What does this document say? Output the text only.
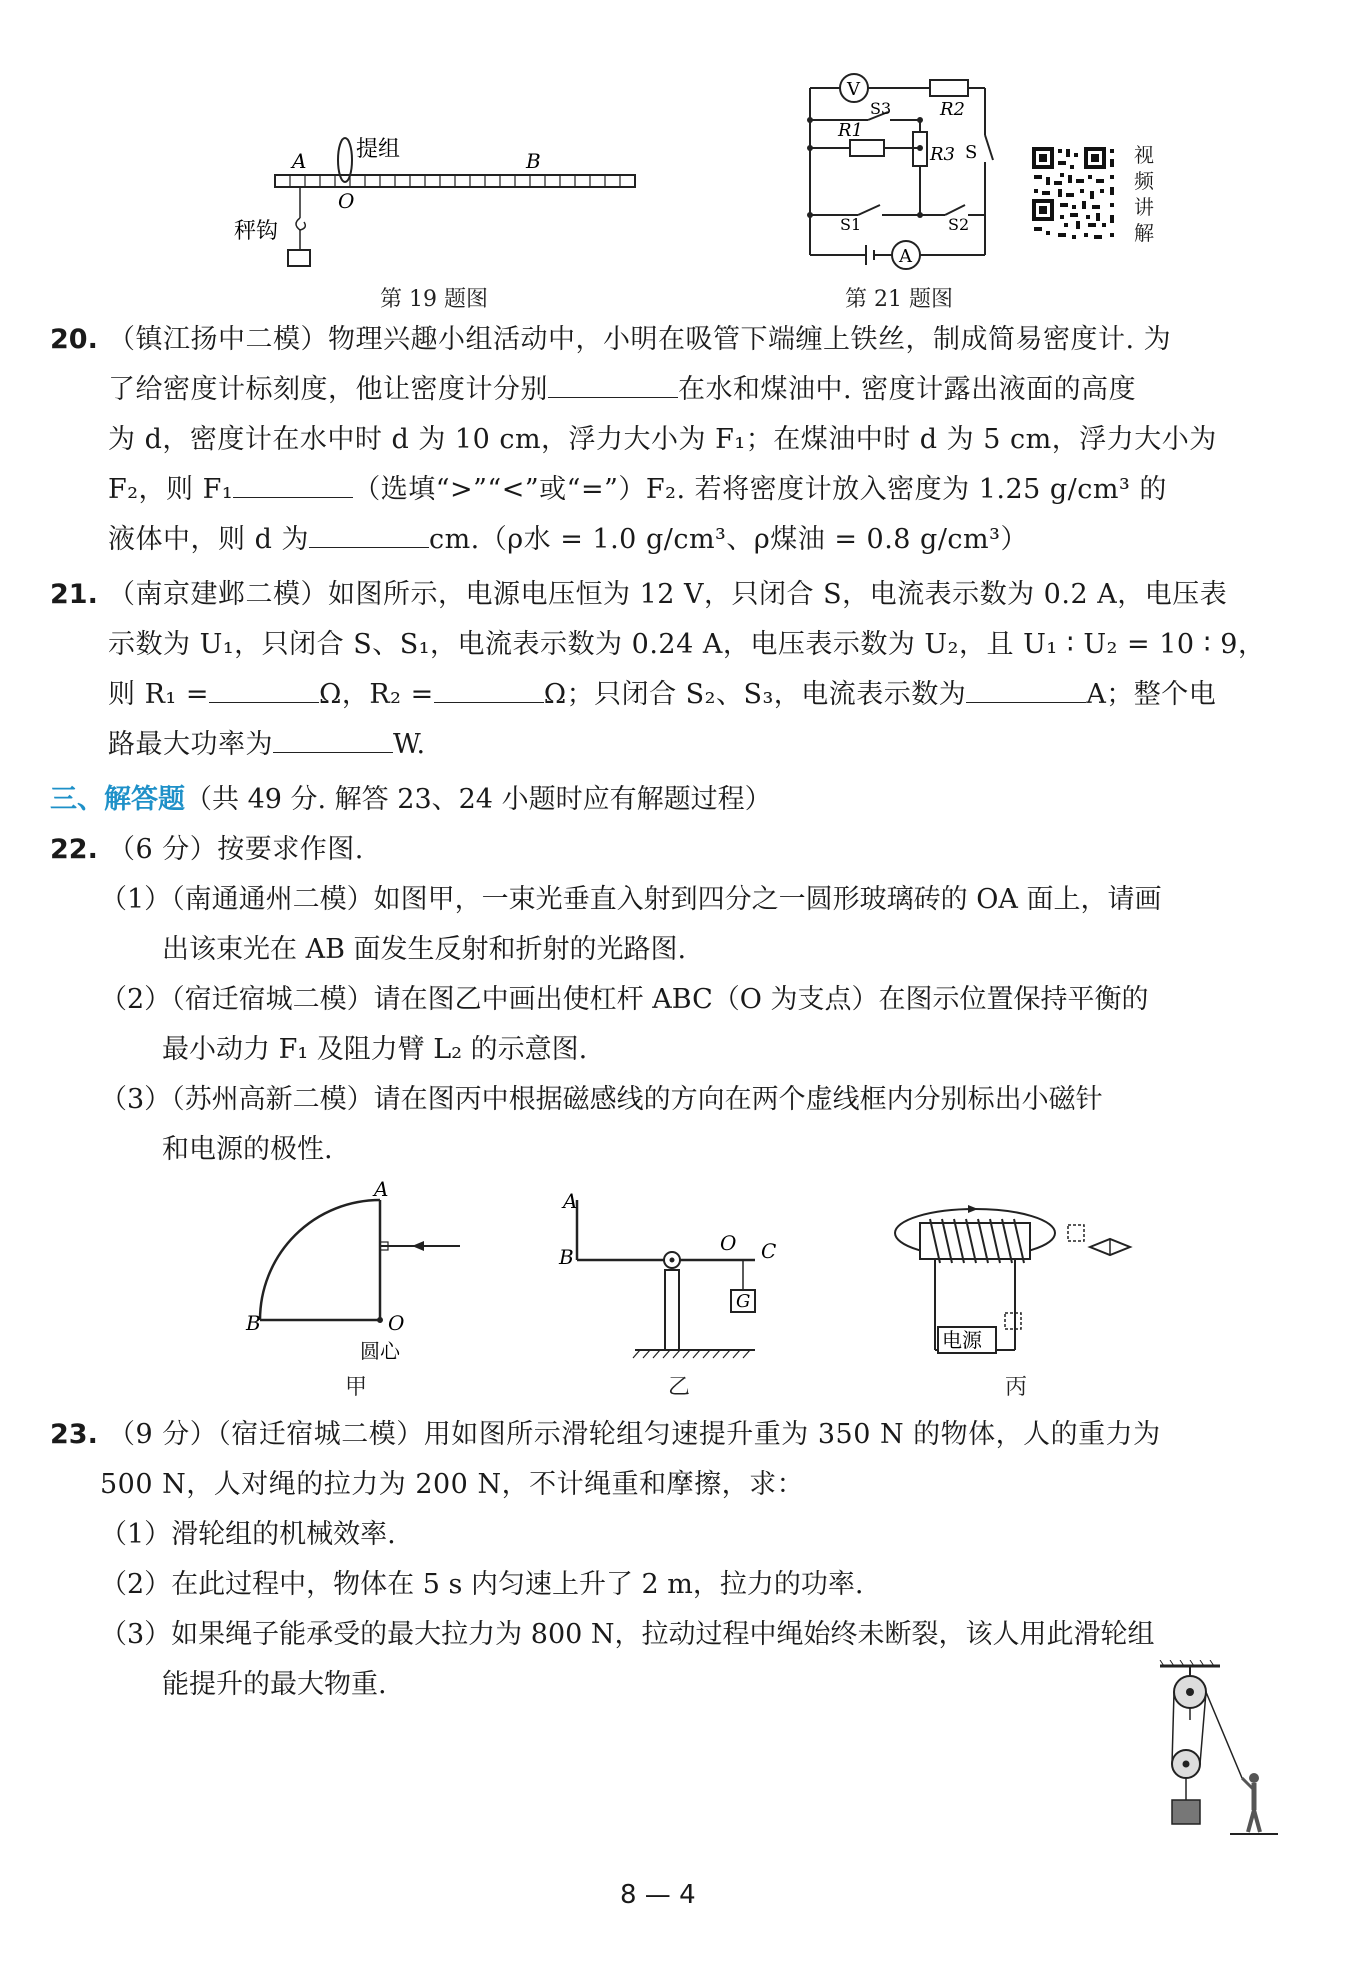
A	B
O
提组
秤钩
第 19 题图
V
A
R2
R3
R1
S3
S
S1	S2
第 21 题图
视
频
讲
解
20. （镇江扬中二模）物理兴趣小组活动中，小明在吸管下端缠上铁丝，制成简易密度计. 为
了给密度计标刻度，他让密度计分别	在水和煤油中. 密度计露出液面的高度
为 d，密度计在水中时 d 为 10 cm，浮力大小为 F₁；在煤油中时 d 为 5 cm，浮力大小为
F₂，则 F₁	（选填“>”“<”或“=”）F₂. 若将密度计放入密度为 1.25 g/cm³ 的
液体中，则 d 为	cm.（ρ水 = 1.0 g/cm³、ρ煤油 = 0.8 g/cm³）
21. （南京建邺二模）如图所示，电源电压恒为 12 V，只闭合 S，电流表示数为 0.2 A，电压表
示数为 U₁，只闭合 S、S₁，电流表示数为 0.24 A，电压表示数为 U₂，且 U₁ ∶ U₂ = 10 ∶ 9，
则 R₁ =	Ω，R₂ =	Ω；只闭合 S₂、S₃，电流表示数为	A；整个电
路最大功率为	W.
三、解答题（共 49 分. 解答 23、24 小题时应有解题过程）
22. （6 分）按要求作图.
（1）（南通通州二模）如图甲，一束光垂直入射到四分之一圆形玻璃砖的 OA 面上，请画
出该束光在 AB 面发生反射和折射的光路图.
（2）（宿迁宿城二模）请在图乙中画出使杠杆 ABC（O 为支点）在图示位置保持平衡的
最小动力 F₁ 及阻力臂 L₂ 的示意图.
（3）（苏州高新二模）请在图丙中根据磁感线的方向在两个虚线框内分别标出小磁针
和电源的极性.
A
B	O
圆心
甲
A
B
O C
G
乙
电源
丙
23. （9 分）（宿迁宿城二模）用如图所示滑轮组匀速提升重为 350 N 的物体，人的重力为
500 N，人对绳的拉力为 200 N，不计绳重和摩擦，求：
（1）滑轮组的机械效率.
（2）在此过程中，物体在 5 s 内匀速上升了 2 m，拉力的功率.
（3）如果绳子能承受的最大拉力为 800 N，拉动过程中绳始终未断裂，该人用此滑轮组
能提升的最大物重.
8 — 4
